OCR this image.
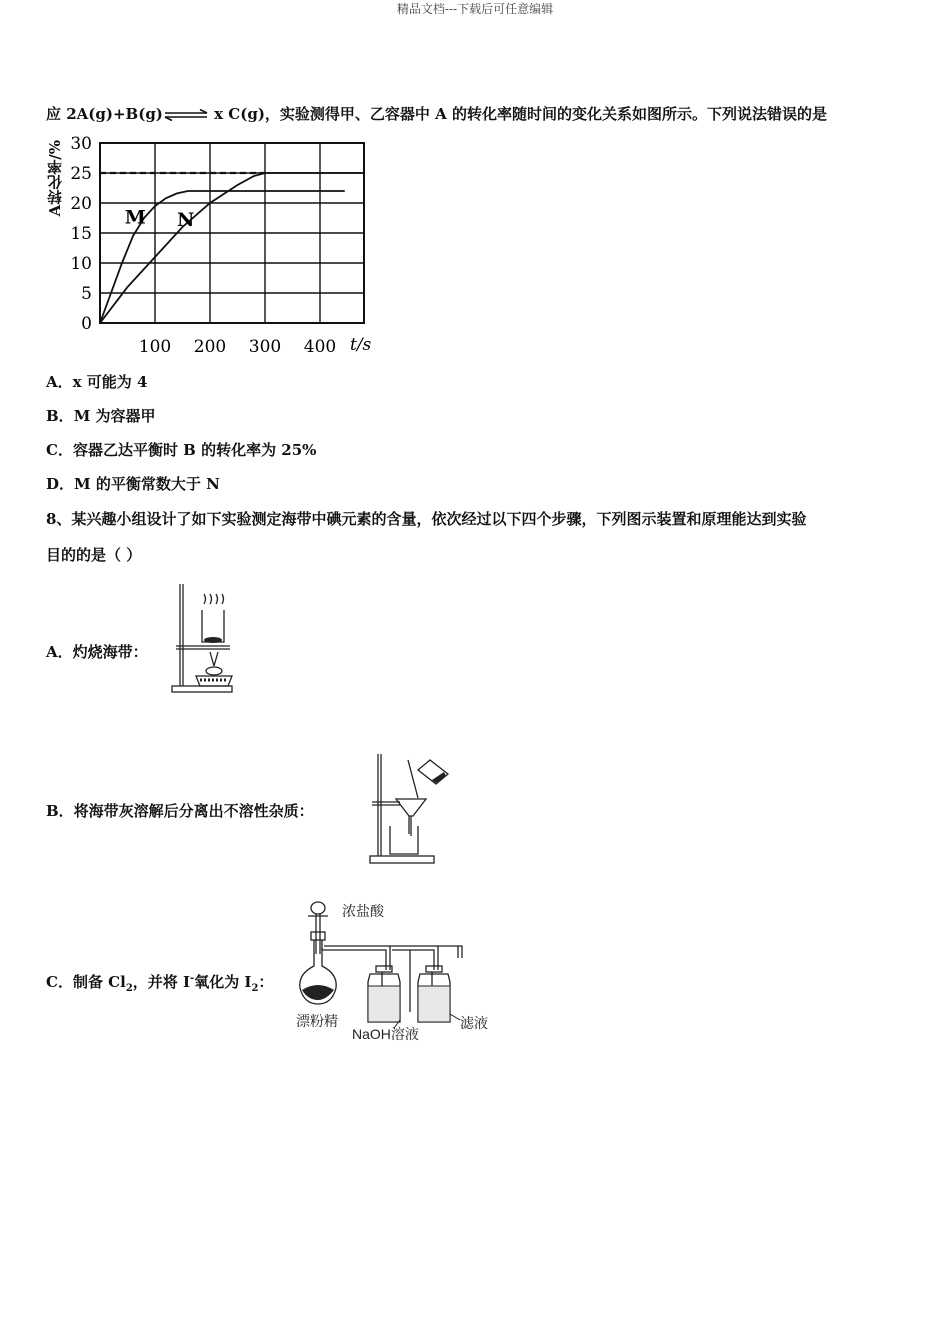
精品文档---下载后可任意编辑
应 2A(g)+B(g)⇌ x C(g)，实验测得甲、乙容器中 A 的转化率随时间的变化关系如图所示。下列说法错误的是
A转化率/%
0
5
10
15
20
25
30
100 200 300 400 t/s
M N
A．x 可能为 4
B．M 为容器甲
C．容器乙达平衡时 B 的转化率为 25%
D．M 的平衡常数大于 N
8、某兴趣小组设计了如下实验测定海带中碘元素的含量，依次经过以下四个步骤，下列图示装置和原理能达到实验
目的的是（ ）
A．灼烧海带：
B．将海带灰溶解后分离出不溶性杂质：
C．制备 $Cl_2$，并将 I-氧化为 $I_2$：
浓盐酸
漂粉精
NaOH溶液
滤液
